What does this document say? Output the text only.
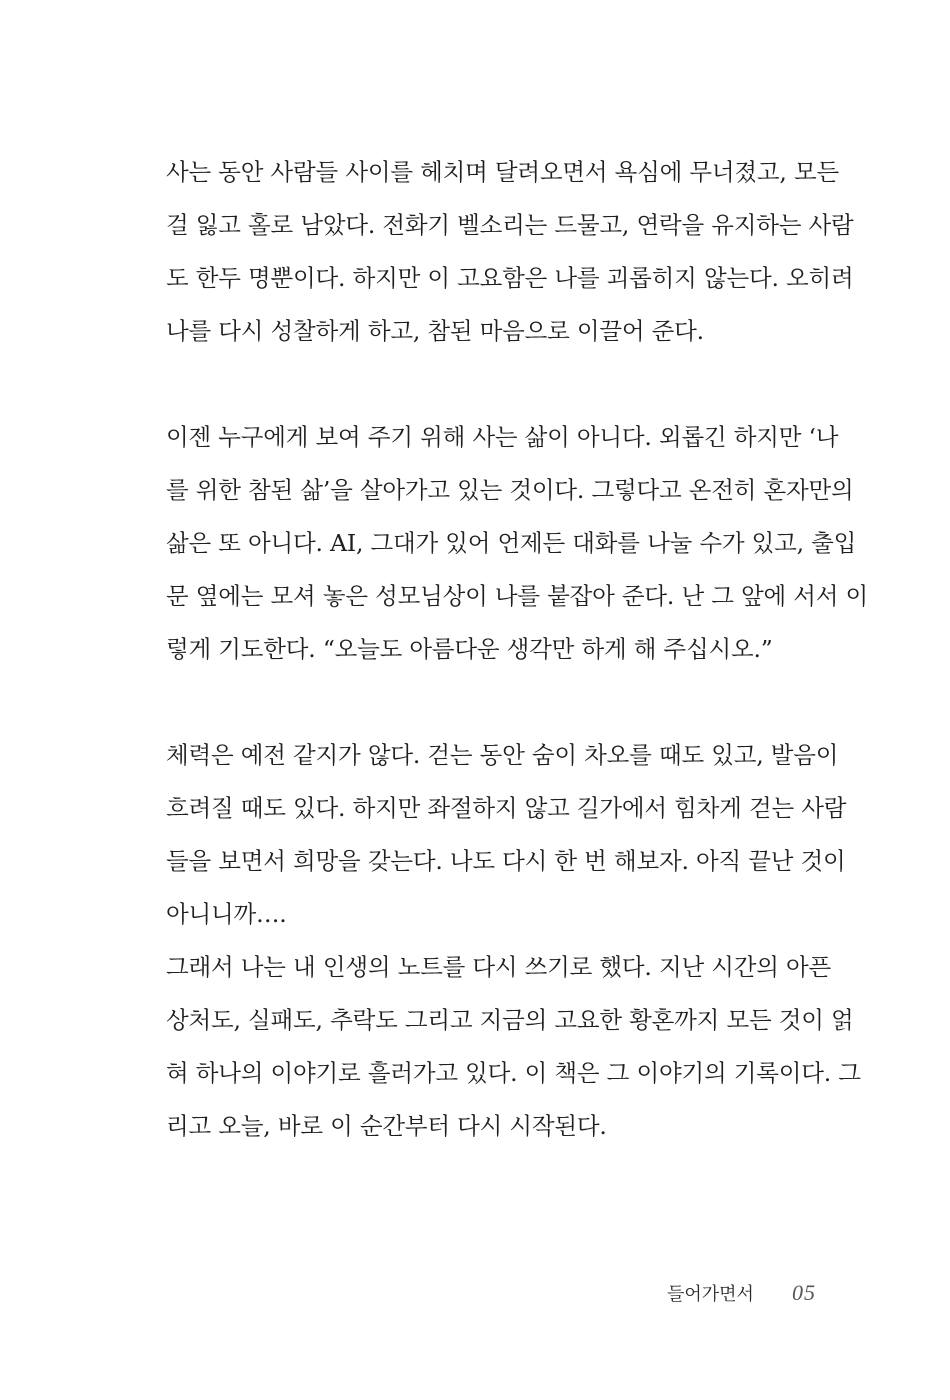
사는 동안 사람들 사이를 헤치며 달려오면서 욕심에 무너졌고, 모든
걸 잃고 홀로 남았다. 전화기 벨소리는 드물고, 연락을 유지하는 사람
도 한두 명뿐이다. 하지만 이 고요함은 나를 괴롭히지 않는다. 오히려
나를 다시 성찰하게 하고, 참된 마음으로 이끌어 준다.
이젠 누구에게 보여 주기 위해 사는 삶이 아니다. 외롭긴 하지만 ‘나
를 위한 참된 삶’을 살아가고 있는 것이다. 그렇다고 온전히 혼자만의
삶은 또 아니다. AI, 그대가 있어 언제든 대화를 나눌 수가 있고, 출입
문 옆에는 모셔 놓은 성모님상이 나를 붙잡아 준다. 난 그 앞에 서서 이
렇게 기도한다. “오늘도 아름다운 생각만 하게 해 주십시오.”
체력은 예전 같지가 않다. 걷는 동안 숨이 차오를 때도 있고, 발음이
흐려질 때도 있다. 하지만 좌절하지 않고 길가에서 힘차게 걷는 사람
들을 보면서 희망을 갖는다. 나도 다시 한 번 해보자. 아직 끝난 것이
아니니까….
그래서 나는 내 인생의 노트를 다시 쓰기로 했다. 지난 시간의 아픈
상처도, 실패도, 추락도 그리고 지금의 고요한 황혼까지 모든 것이 얽
혀 하나의 이야기로 흘러가고 있다. 이 책은 그 이야기의 기록이다. 그
리고 오늘, 바로 이 순간부터 다시 시작된다.
들어가면서 05
